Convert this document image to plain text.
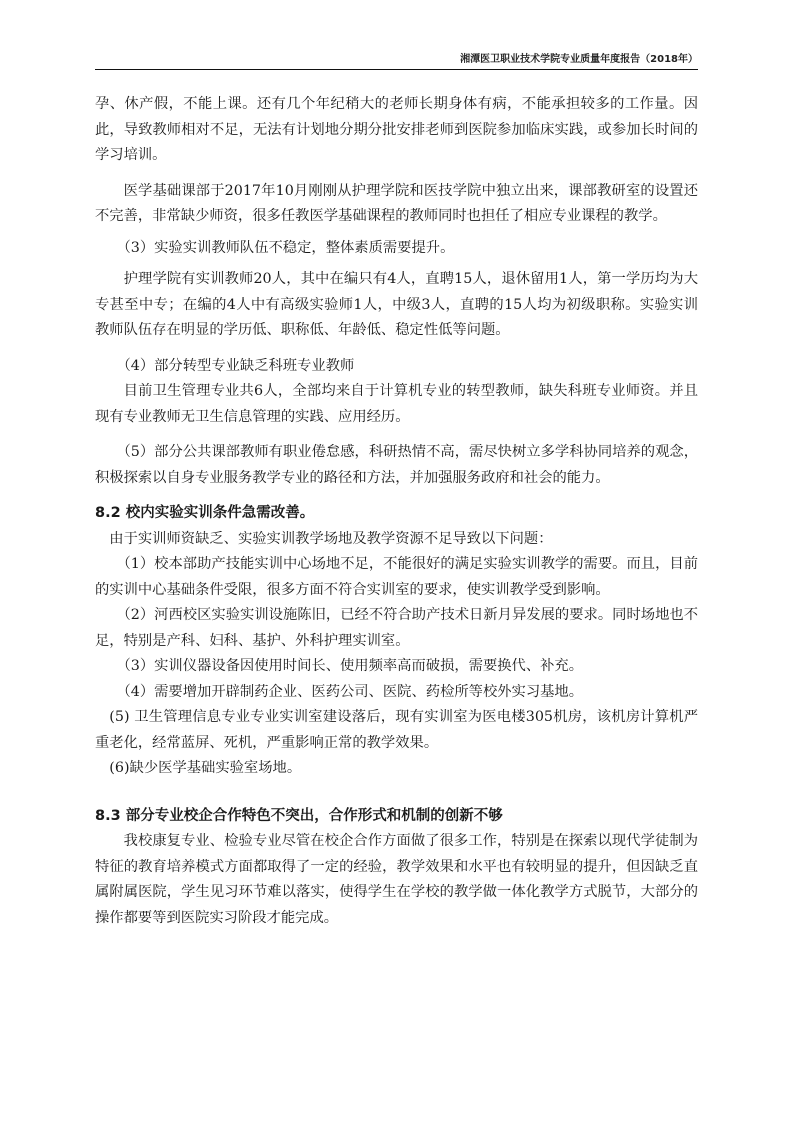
湘潭医卫职业技术学院专业质量年度报告（2018年）

孕、休产假，不能上课。还有几个年纪稍大的老师长期身体有病，不能承担较多的工作量。因此，导致教师相对不足，无法有计划地分期分批安排老师到医院参加临床实践，或参加长时间的学习培训。

医学基础课部于2017年10月刚刚从护理学院和医技学院中独立出来，课部教研室的设置还不完善，非常缺少师资，很多任教医学基础课程的教师同时也担任了相应专业课程的教学。

（3）实验实训教师队伍不稳定，整体素质需要提升。

护理学院有实训教师20人，其中在编只有4人，直聘15人，退休留用1人，第一学历均为大专甚至中专；在编的4人中有高级实验师1人，中级3人，直聘的15人均为初级职称。实验实训教师队伍存在明显的学历低、职称低、年龄低、稳定性低等问题。

（4）部分转型专业缺乏科班专业教师

目前卫生管理专业共6人，全部均来自于计算机专业的转型教师，缺失科班专业师资。并且现有专业教师无卫生信息管理的实践、应用经历。

（5）部分公共课部教师有职业倦怠感，科研热情不高，需尽快树立多学科协同培养的观念，积极探索以自身专业服务教学专业的路径和方法，并加强服务政府和社会的能力。

8.2 校内实验实训条件急需改善。

由于实训师资缺乏、实验实训教学场地及教学资源不足导致以下问题：

（1）校本部助产技能实训中心场地不足，不能很好的满足实验实训教学的需要。而且，目前的实训中心基础条件受限，很多方面不符合实训室的要求，使实训教学受到影响。

（2）河西校区实验实训设施陈旧，已经不符合助产技术日新月异发展的要求。同时场地也不足，特别是产科、妇科、基护、外科护理实训室。

（3）实训仪器设备因使用时间长、使用频率高而破损，需要换代、补充。

（4）需要增加开辟制药企业、医药公司、医院、药检所等校外实习基地。

(5) 卫生管理信息专业专业实训室建设落后，现有实训室为医电楼305机房，该机房计算机严重老化，经常蓝屏、死机，严重影响正常的教学效果。

(6)缺少医学基础实验室场地。

8.3 部分专业校企合作特色不突出，合作形式和机制的创新不够

我校康复专业、检验专业尽管在校企合作方面做了很多工作，特别是在探索以现代学徒制为特征的教育培养模式方面都取得了一定的经验，教学效果和水平也有较明显的提升，但因缺乏直属附属医院，学生见习环节难以落实，使得学生在学校的教学做一体化教学方式脱节，大部分的操作都要等到医院实习阶段才能完成。
